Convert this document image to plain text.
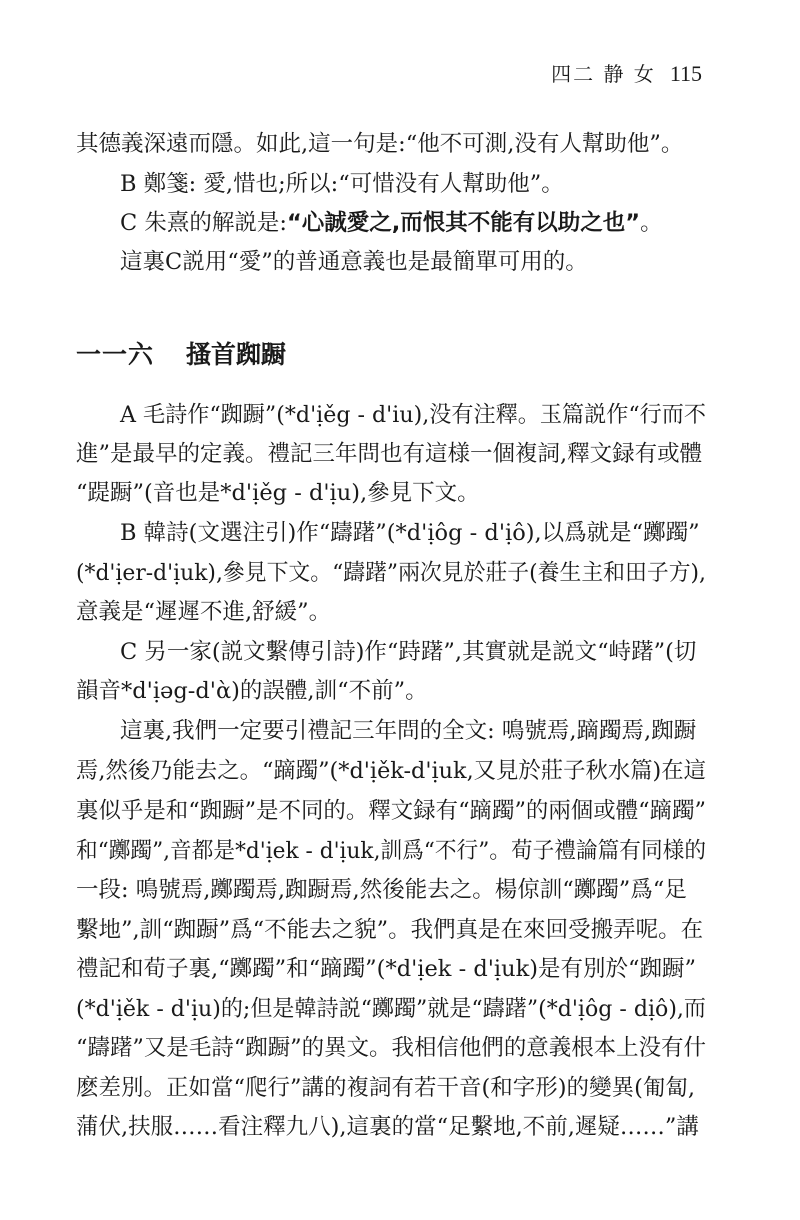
四二 静 女 115
其德義深遠而隱。如此,這一句是:“他不可測,没有人幫助他”。
B 鄭箋: 愛,惜也;所以:“可惜没有人幫助他”。
C 朱熹的解説是:“心誠愛之,而恨其不能有以助之也”。
這裏C説用“愛”的普通意義也是最簡單可用的。
一一六 搔首踟蹰
A 毛詩作“踟蹰”(*d'ịěg - d'iu),没有注釋。玉篇説作“行而不
進”是最早的定義。禮記三年問也有這様一個複詞,釋文録有或體
“踶蹰”(音也是*d'ịěg - d'ịu),參見下文。
B 韓詩(文選注引)作“躊躇”(*d'ịôg - d'ịô),以爲就是“躑躅”
(*d'ịer-d'ịuk),參見下文。“躊躇”兩次見於莊子(養生主和田子方),
意義是“遲遲不進,舒緩”。
C 另一家(説文繫傳引詩)作“跱躇”,其實就是説文“峙躇”(切
韻音*d'ịəg-d'ὰ)的誤體,訓“不前”。
這裏,我們一定要引禮記三年問的全文: 鳴號焉,蹢躅焉,踟蹰
焉,然後乃能去之。“蹢躅”(*d'ịěk-d'ịuk,又見於莊子秋水篇)在這
裏似乎是和“踟蹰”是不同的。釋文録有“蹢躅”的兩個或體“蹢躅”
和“躑躅”,音都是*d'ịek - d'ịuk,訓爲“不行”。荀子禮論篇有同様的
一段: 鳴號焉,躑躅焉,踟蹰焉,然後能去之。楊倞訓“躑躅”爲“足
繫地”,訓“踟蹰”爲“不能去之貌”。我們真是在來回受搬弄呢。在
禮記和荀子裏,“躑躅”和“蹢躅”(*d'ịek - d'ịuk)是有別於“踟蹰”
(*d'ịěk - d'ịu)的;但是韓詩説“躑躅”就是“躊躇”(*d'ịôg - dịô),而
“躊躇”又是毛詩“踟蹰”的異文。我相信他們的意義根本上没有什
麽差別。正如當“爬行”講的複詞有若干音(和字形)的變異(匍匐,
蒲伏,扶服……看注釋九八),這裏的當“足繫地,不前,遲疑……”講
